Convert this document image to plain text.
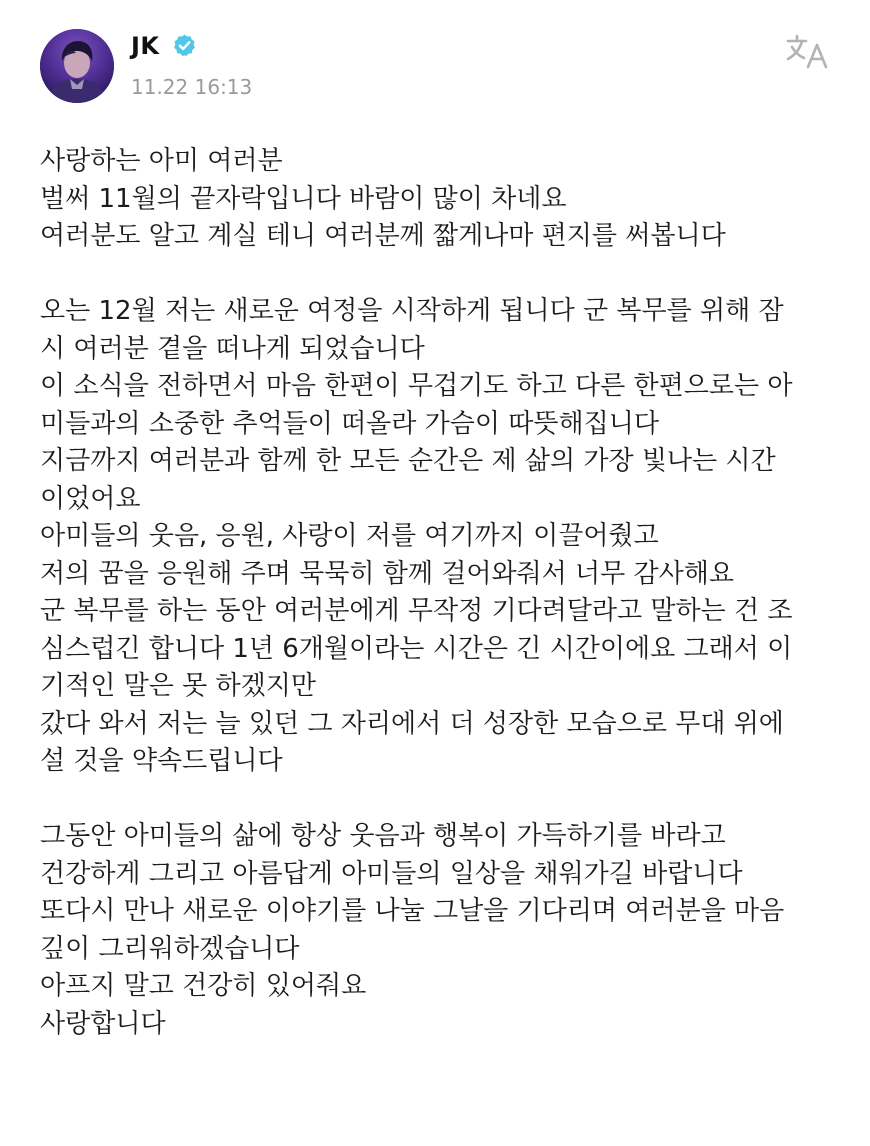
JK
11.22 16:13
사랑하는 아미 여러분
벌써 11월의 끝자락입니다 바람이 많이 차네요
여러분도 알고 계실 테니 여러분께 짧게나마 편지를 써봅니다
오는 12월 저는 새로운 여정을 시작하게 됩니다 군 복무를 위해 잠
시 여러분 곁을 떠나게 되었습니다
이 소식을 전하면서 마음 한편이 무겁기도 하고 다른 한편으로는 아
미들과의 소중한 추억들이 떠올라 가슴이 따뜻해집니다
지금까지 여러분과 함께 한 모든 순간은 제 삶의 가장 빛나는 시간
이었어요
아미들의 웃음, 응원, 사랑이 저를 여기까지 이끌어줬고
저의 꿈을 응원해 주며 묵묵히 함께 걸어와줘서 너무 감사해요
군 복무를 하는 동안 여러분에게 무작정 기다려달라고 말하는 건 조
심스럽긴 합니다 1년 6개월이라는 시간은 긴 시간이에요 그래서 이
기적인 말은 못 하겠지만
갔다 와서 저는 늘 있던 그 자리에서 더 성장한 모습으로 무대 위에
설 것을 약속드립니다
그동안 아미들의 삶에 항상 웃음과 행복이 가득하기를 바라고
건강하게 그리고 아름답게 아미들의 일상을 채워가길 바랍니다
또다시 만나 새로운 이야기를 나눌 그날을 기다리며 여러분을 마음
깊이 그리워하겠습니다
아프지 말고 건강히 있어줘요
사랑합니다
